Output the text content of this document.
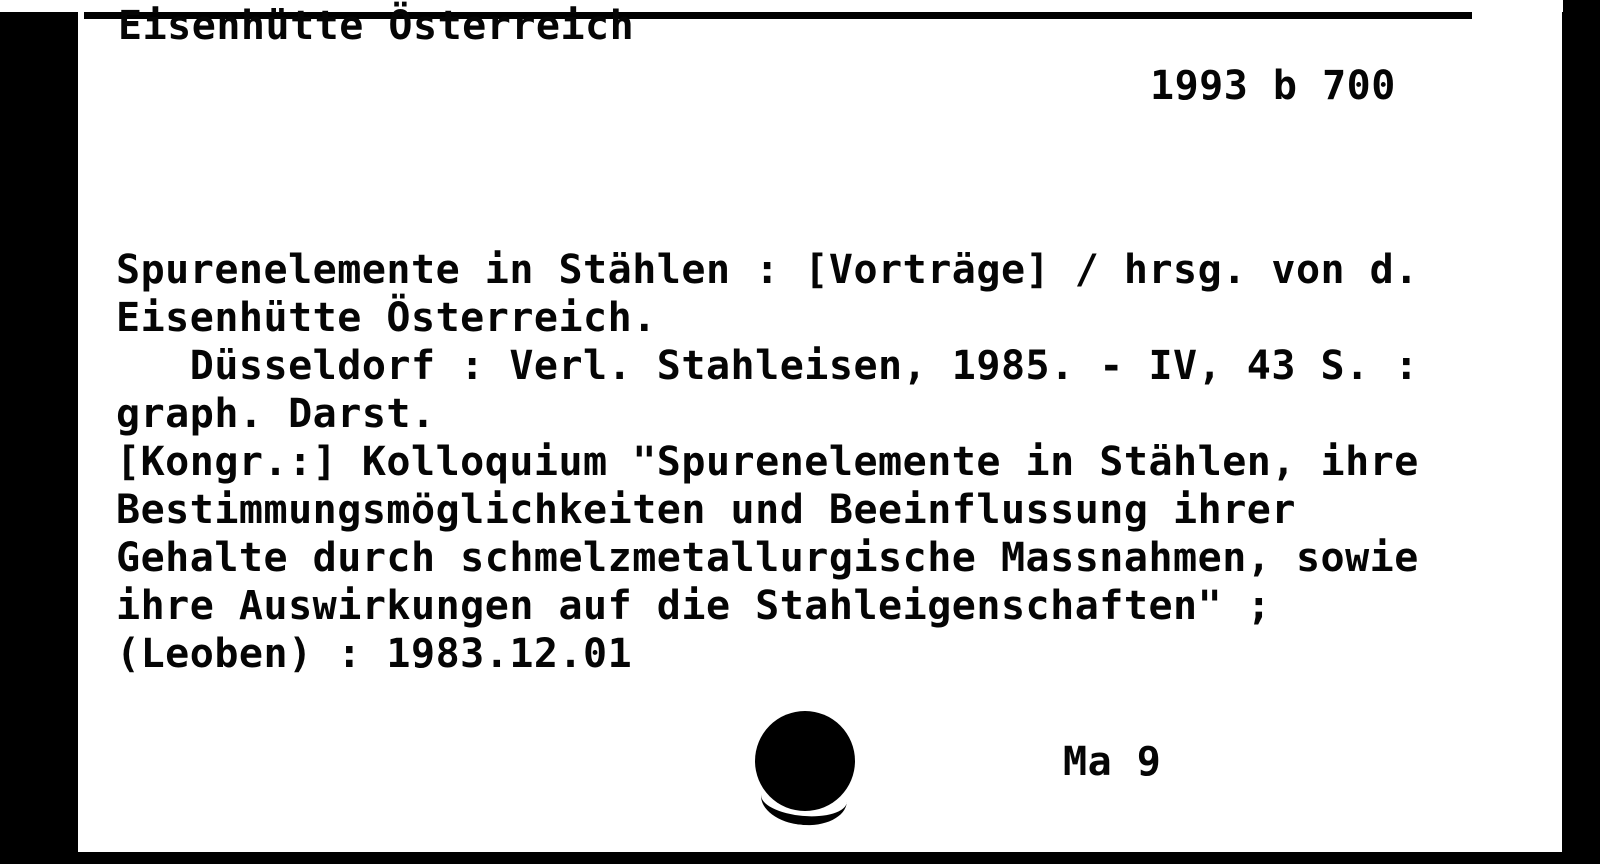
Eisenhütte Österreich
1993 b 700
Spurenelemente in Stählen : [Vorträge] / hrsg. von d.
Eisenhütte Österreich.
Düsseldorf : Verl. Stahleisen, 1985. - IV, 43 S. :
graph. Darst.
[Kongr.:] Kolloquium "Spurenelemente in Stählen, ihre
Bestimmungsmöglichkeiten und Beeinflussung ihrer
Gehalte durch schmelzmetallurgische Massnahmen, sowie
ihre Auswirkungen auf die Stahleigenschaften" ;
(Leoben) : 1983.12.01
Ma 9
